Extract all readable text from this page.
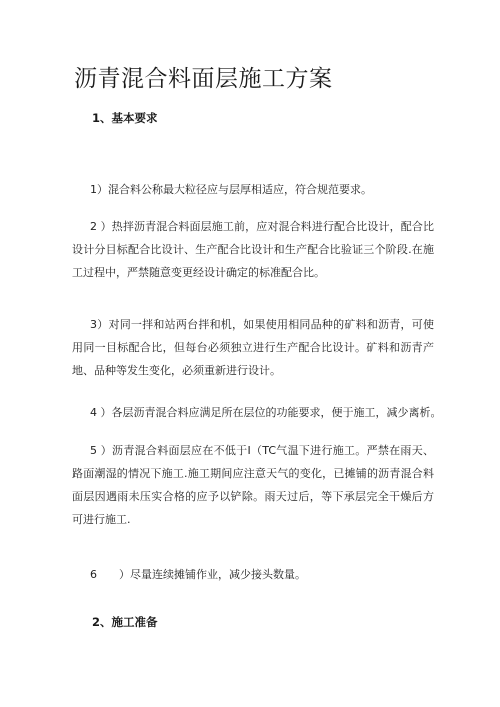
沥青混合料面层施工方案
1、基本要求

1）混合料公称最大粒径应与层厚相适应，符合规范要求。

2 ）热拌沥青混合料面层施工前，应对混合料进行配合比设计，配合比设计分目标配合比设计、生产配合比设计和生产配合比验证三个阶段.在施工过程中，严禁随意变更经设计确定的标准配合比。

3）对同一拌和站两台拌和机，如果使用相同品种的矿料和沥青，可使用同一目标配合比，但每台必须独立进行生产配合比设计。矿料和沥青产地、品种等发生变化，必须重新进行设计。

4 ）各层沥青混合料应满足所在层位的功能要求，便于施工，减少离析。

5 ）沥青混合料面层应在不低于I（TC气温下进行施工。严禁在雨天、路面潮湿的情况下施工.施工期间应注意天气的变化，已摊铺的沥青混合料面层因遇雨未压实合格的应予以铲除。雨天过后，等下承层完全干燥后方可进行施工.

6　　）尽量连续摊铺作业，减少接头数量。

2、施工准备
